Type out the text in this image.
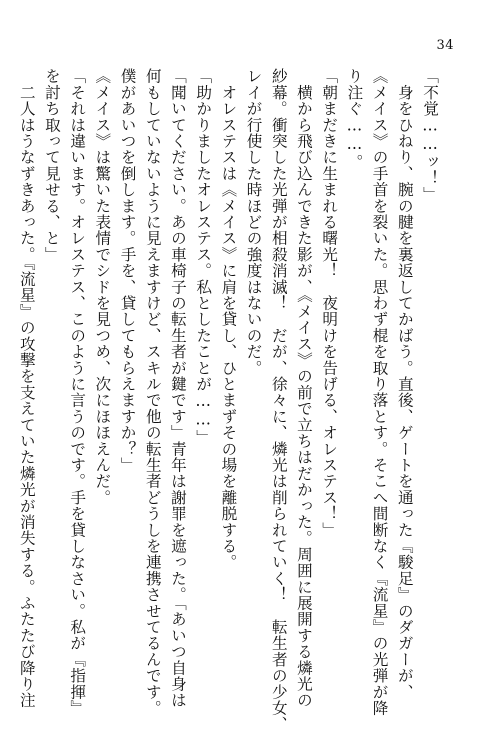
34
「不覚……ッ！」
　身をひねり、腕の腱を裏返してかばう。直後、ゲートを通った『駿足』のダガーが、
《メイス》の手首を裂いた。思わず棍を取り落とす。そこへ間断なく『流星』の光弾が降
り注ぐ……。
「朝まだきに生まれる曙光！　夜明けを告げる、オレステス！」
　横から飛び込んできた影が、《メイス》の前で立ちはだかった。周囲に展開する燐光の
紗幕。衝突した光弾が相殺消滅！　だが、徐々に、燐光は削られていく！　転生者の少女、
レイが行使した時ほどの強度はないのだ。
　オレステスは《メイス》に肩を貸し、ひとまずその場を離脱する。
「助かりましたオレステス。私としたことが……」
「聞いてください。あの車椅子の転生者が鍵です」青年は謝罪を遮った。「あいつ自身は
何もしていないように見えますけど、スキルで他の転生者どうしを連携させてるんです。
僕があいつを倒します。手を、貸してもらえますか？」
《メイス》は驚いた表情でシドを見つめ、次にほほえんだ。
「それは違います。オレステス、このように言うのです。手を貸しなさい。私が『指揮』
を討ち取って見せる、と」
　二人はうなずきあった。『流星』の攻撃を支えていた燐光が消失する。ふたたび降り注
